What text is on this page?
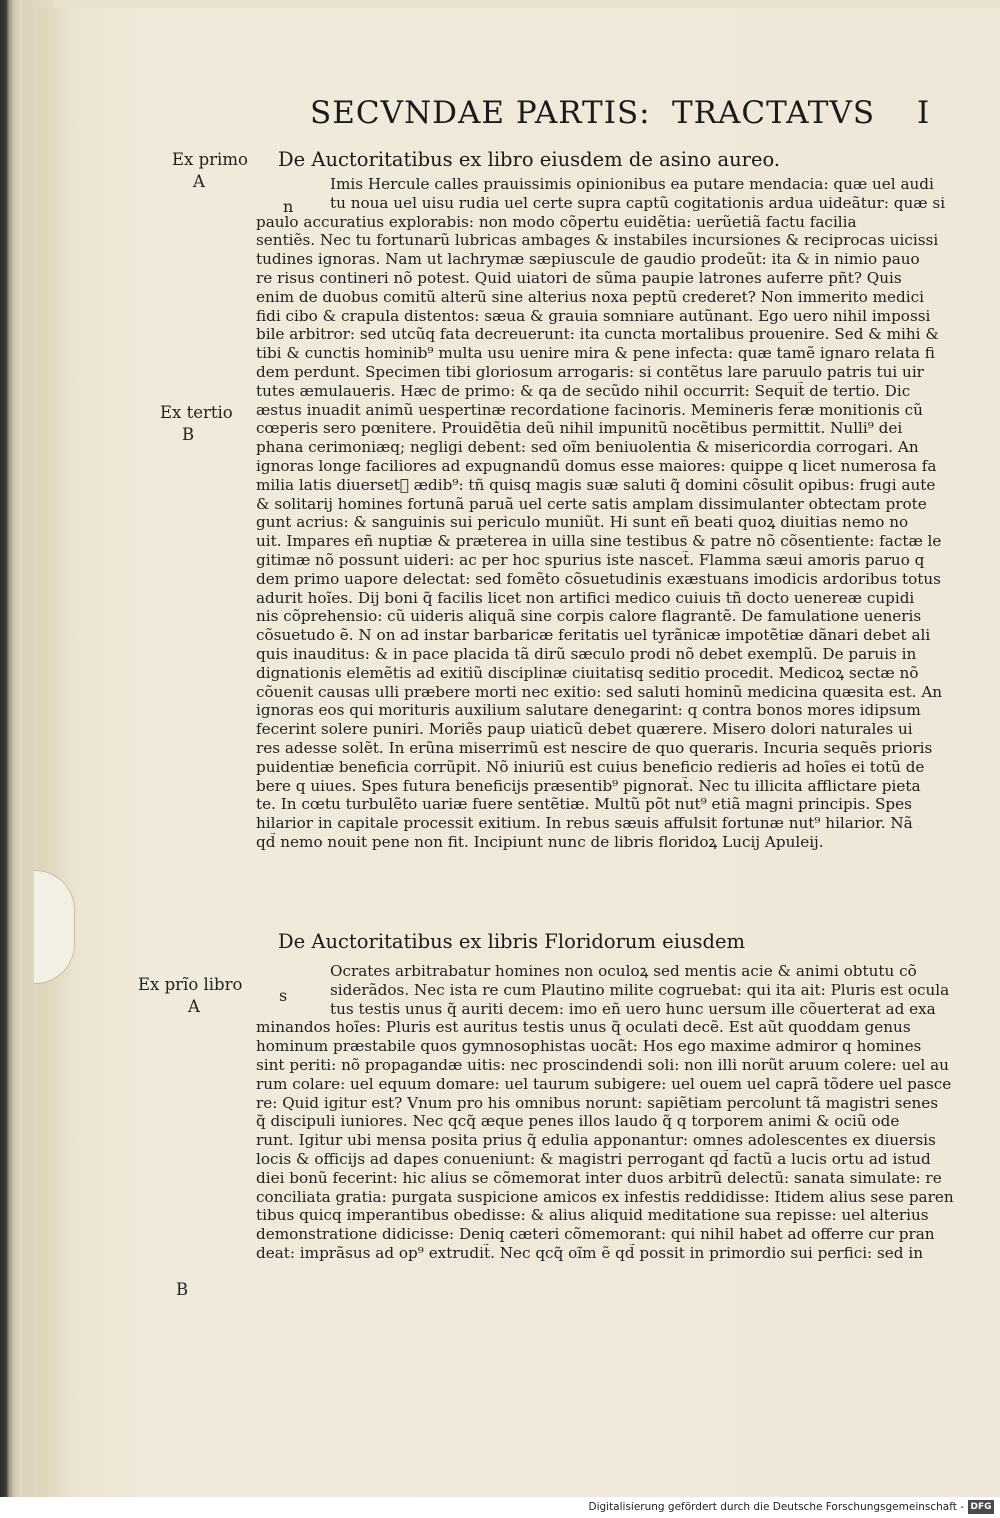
SECVNDAE PARTIS: TRACTATVS I
De Auctoritatibus ex libro eiusdem de asino aureo.
Ex primo
A
Ex tertio
B
n
Imis Hercule calles prauissimis opinionibus ea putare mendacia: quæ uel audi
tu noua uel uisu rudia uel certe supra captũ cogitationis ardua uideãtur: quæ si
paulo accuratius explorabis: non modo cõpertu euidẽtia: uerũetiã factu facilia
sentiẽs. Nec tu fortunarũ lubricas ambages & instabiles incursiones & reciprocas uicissi
tudines ignoras. Nam ut lachrymæ sæpiuscule de gaudio prodeũt: ita & in nimio pauo
re risus contineri nõ potest. Quid uiatori de sũma paupie latrones auferre pñt? Quis
enim de duobus comitũ alterũ sine alterius noxa peptũ crederet? Non immerito medici
fidi cibo & crapula distentos: sæua & grauia somniare autũnant. Ego uero nihil impossi
bile arbitror: sed utcũq fata decreuerunt: ita cuncta mortalibus prouenire. Sed & mihi &
tibi & cunctis hominib⁹ multa usu uenire mira & pene infecta: quæ tamẽ ignaro relata fi
dem perdunt. Specimen tibi gloriosum arrogaris: si contẽtus lare paruulo patris tui uir
tutes æmulaueris. Hæc de primo: & qa de secũdo nihil occurrit: Sequit̃ de tertio. Dic
æstus inuadit animũ uespertinæ recordatione facinoris. Memineris feræ monitionis cũ
cœperis sero pœnitere. Prouidẽtia deũ nihil impunitũ nocẽtibus permittit. Nulli⁹ dei
phana cerimoniæq; negligi debent: sed oĩm beniuolentia & misericordia corrogari. An
ignoras longe faciliores ad expugnandũ domus esse maiores: quippe q licet numerosa fa
milia latis diuersetᷣ ædib⁹: tñ quisq magis suæ saluti q̃ domini cõsulit opibus: frugi aute
& solitarij homines fortunã paruã uel certe satis amplam dissimulanter obtectam prote
gunt acrius: & sanguinis sui periculo muniũt. Hi sunt eñ beati quoꝝ diuitias nemo no
uit. Impares eñ nuptiæ & præterea in uilla sine testibus & patre nõ cõsentiente: factæ le
gitimæ nõ possunt uideri: ac per hoc spurius iste nascet̃. Flamma sæui amoris paruo q
dem primo uapore delectat: sed fomẽto cõsuetudinis exæstuans imodicis ardoribus totus
adurit hoĩes. Dij boni q̃ facilis licet non artifici medico cuiuis tñ docto uenereæ cupidi
nis cõprehensio: cũ uideris aliquã sine corpis calore flagrantẽ. De famulatione ueneris
cõsuetudo ẽ. N on ad instar barbaricæ feritatis uel tyrãnicæ impotẽtiæ dãnari debet ali
quis inauditus: & in pace placida tã dirũ sæculo prodi nõ debet exemplũ. De paruis in
dignationis elemẽtis ad exitiũ disciplinæ ciuitatisq seditio procedit. Medicoꝝ sectæ nõ
cõuenit causas ulli præbere morti nec exitio: sed saluti hominũ medicina quæsita est. An
ignoras eos qui morituris auxilium salutare denegarint: q contra bonos mores idipsum
fecerint solere puniri. Moriẽs paup uiaticũ debet quærere. Misero dolori naturales ui
res adesse solẽt. In erũna miserrimũ est nescire de quo queraris. Incuria sequẽs prioris
puidentiæ beneficia corrũpit. Nõ iniuriũ est cuius beneficio redieris ad hoĩes ei totũ de
bere q uiues. Spes futura beneficijs præsentib⁹ pignorat̃. Nec tu illicita afflictare pieta
te. In cœtu turbulẽto uariæ fuere sentẽtiæ. Multũ põt nut⁹ etiã magni principis. Spes
hilarior in capitale processit exitium. In rebus sæuis affulsit fortunæ nut⁹ hilarior. Nã
qd̃ nemo nouit pene non fit. Incipiunt nunc de libris floridoꝝ Lucij Apuleij.
De Auctoritatibus ex libris Floridorum eiusdem
Ex prĩo libro
A
B
s
Ocrates arbitrabatur homines non oculoꝝ sed mentis acie & animi obtutu cõ
siderãdos. Nec ista re cum Plautino milite cogruebat: qui ita ait: Pluris est ocula
tus testis unus q̃ auriti decem: imo eñ uero hunc uersum ille cõuerterat ad exa
minandos hoĩes: Pluris est auritus testis unus q̃ oculati decẽ. Est aũt quoddam genus
hominum præstabile quos gymnosophistas uocãt: Hos ego maxime admiror q homines
sint periti: nõ propagandæ uitis: nec proscindendi soli: non illi norũt aruum colere: uel au
rum colare: uel equum domare: uel taurum subigere: uel ouem uel caprã tõdere uel pasce
re: Quid igitur est? Vnum pro his omnibus norunt: sapiẽtiam percolunt tã magistri senes
q̃ discipuli iuniores. Nec qcq̃ æque penes illos laudo q̃ q torporem animi & ociũ ode
runt. Igitur ubi mensa posita prius q̃ edulia apponantur: omnes adolescentes ex diuersis
locis & officijs ad dapes conueniunt: & magistri perrogant qd̃ factũ a lucis ortu ad istud
diei bonũ fecerint: hic alius se cõmemorat inter duos arbitrũ delectũ: sanata simulate: re
conciliata gratia: purgata suspicione amicos ex infestis reddidisse: Itidem alius sese paren
tibus quicq imperantibus obedisse: & alius aliquid meditatione sua repisse: uel alterius
demonstratione didicisse: Deniq cæteri cõmemorant: qui nihil habet ad offerre cur pran
deat: imprãsus ad op⁹ extrudit̃. Nec qcq̃ oĩm ẽ qd̃ possit in primordio sui perfici: sed in
Digitalisierung gefördert durch die Deutsche Forschungsgemeinschaft - DFG
